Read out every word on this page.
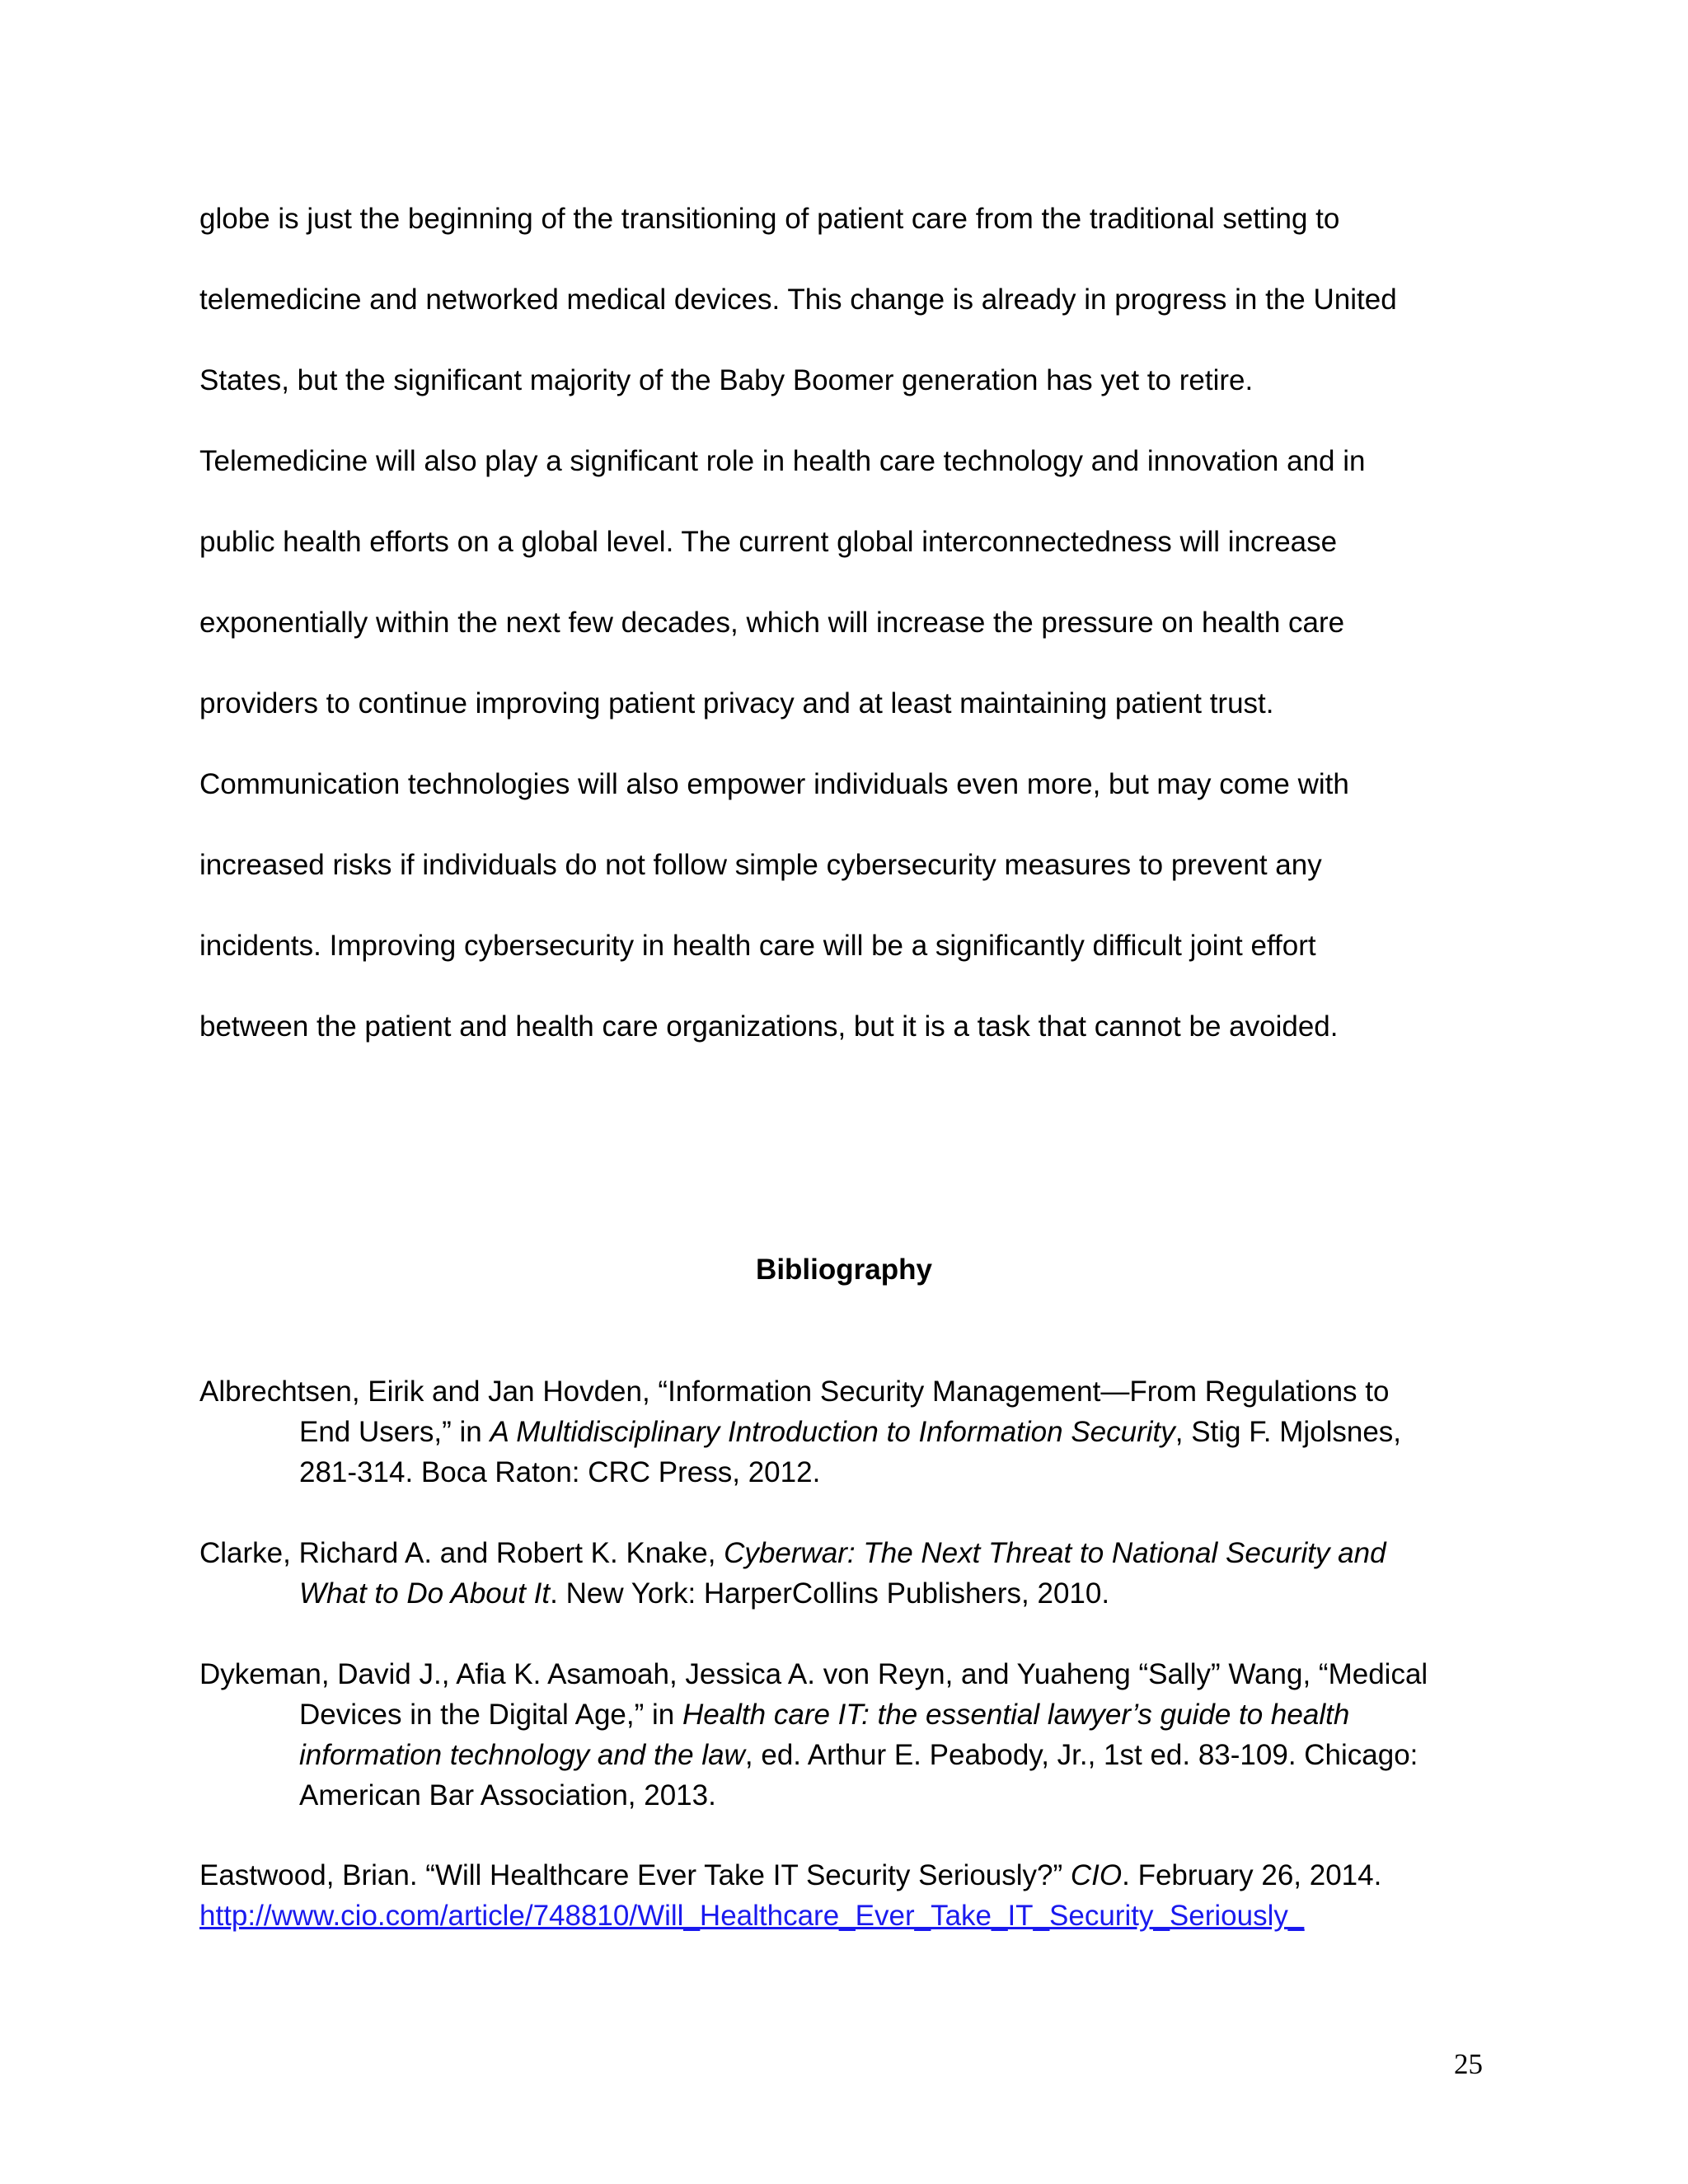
globe is just the beginning of the transitioning of patient care from the traditional setting to
telemedicine and networked medical devices. This change is already in progress in the United
States, but the significant majority of the Baby Boomer generation has yet to retire.
Telemedicine will also play a significant role in health care technology and innovation and in
public health efforts on a global level. The current global interconnectedness will increase
exponentially within the next few decades, which will increase the pressure on health care
providers to continue improving patient privacy and at least maintaining patient trust.
Communication technologies will also empower individuals even more, but may come with
increased risks if individuals do not follow simple cybersecurity measures to prevent any
incidents. Improving cybersecurity in health care will be a significantly difficult joint effort
between the patient and health care organizations, but it is a task that cannot be avoided.
Bibliography
Albrechtsen, Eirik and Jan Hovden, “Information Security Management—From Regulations to
End Users,” in A Multidisciplinary Introduction to Information Security, Stig F. Mjolsnes,
281-314. Boca Raton: CRC Press, 2012.
Clarke, Richard A. and Robert K. Knake, Cyberwar: The Next Threat to National Security and
What to Do About It. New York: HarperCollins Publishers, 2010.
Dykeman, David J., Afia K. Asamoah, Jessica A. von Reyn, and Yuaheng “Sally” Wang, “Medical
Devices in the Digital Age,” in Health care IT: the essential lawyer’s guide to health
information technology and the law, ed. Arthur E. Peabody, Jr., 1st ed. 83-109. Chicago:
American Bar Association, 2013.
Eastwood, Brian. “Will Healthcare Ever Take IT Security Seriously?” CIO. February 26, 2014.
http://www.cio.com/article/748810/Will_Healthcare_Ever_Take_IT_Security_Seriously_
25
